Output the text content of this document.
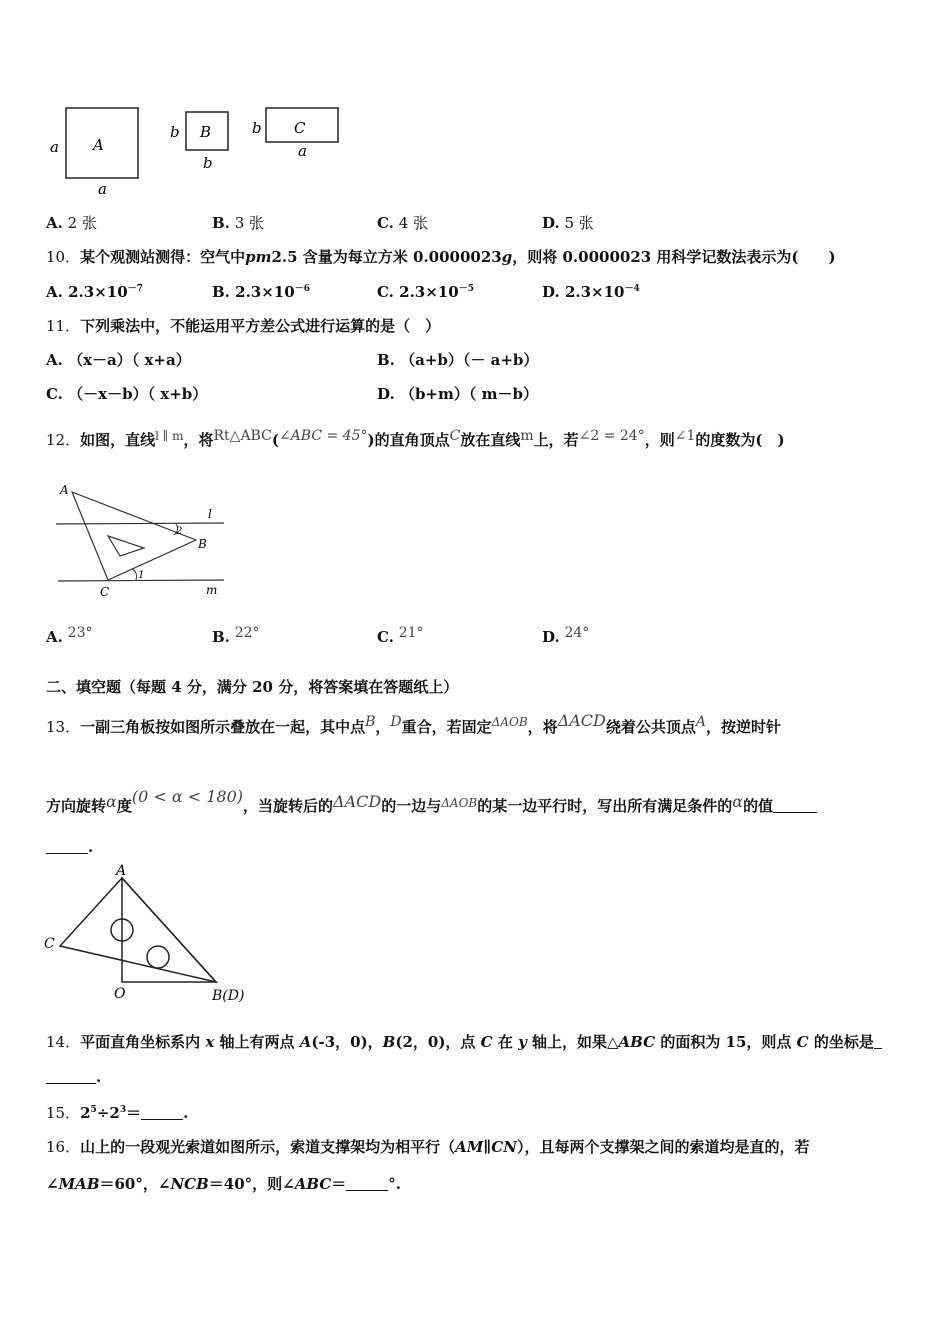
a A
a
b B
b
b C
a
A. 2 张	B. 3 张	C. 4 张	D. 5 张
10．某个观测站测得：空气中pm2.5 含量为每立方米 0.0000023g，则将 0.0000023 用科学记数法表示为(　　)
A. $2.3\times 10^{-7}$	B. $2.3\times 10^{-6}$	C. $2.3\times 10^{-5}$	D. $2.3\times 10^{-4}$
11．下列乘法中，不能运用平方差公式进行运算的是（　）
A. （x－a）（ x+a）	B. （a+b）（－ a+b）
C. （－x－b）（ x+b）	D. （b+m）（ m－b）
12．如图，直线$^{l \parallel m}$，将Rt△ABC(∠ABC = 45°)的直角顶点C放在直线m上，若∠2 = 24°，则∠1的度数为(　)
A
B
C
l
m
2
1
A. 23°	B. 22°	C. 21°	D. 24°
二、填空题（每题 4 分，满分 20 分，将答案填在答题纸上）
13．一副三角板按如图所示叠放在一起，其中点B，D重合，若固定$^{\Delta AOB}$，将ΔACD绕着公共顶点A，按逆时针
方向旋转α度(0 < α < 180)，当旋转后的ΔACD的一边与$^{\Delta AOB}$的某一边平行时，写出所有满足条件的α的值
.
A
C
O	B(D)
14．平面直角坐标系内 x 轴上有两点 A(-3，0)，B(2，0)，点 C 在 y 轴上，如果△ABC 的面积为 15，则点 C 的坐标是
.
15．$2^5\div 2^3=$	.
16．山上的一段观光索道如图所示，索道支撑架均为相平行（AM∥CN），且每两个支撑架之间的索道均是直的，若
∠MAB＝60°，∠NCB＝40°，则∠ABC＝	°.
